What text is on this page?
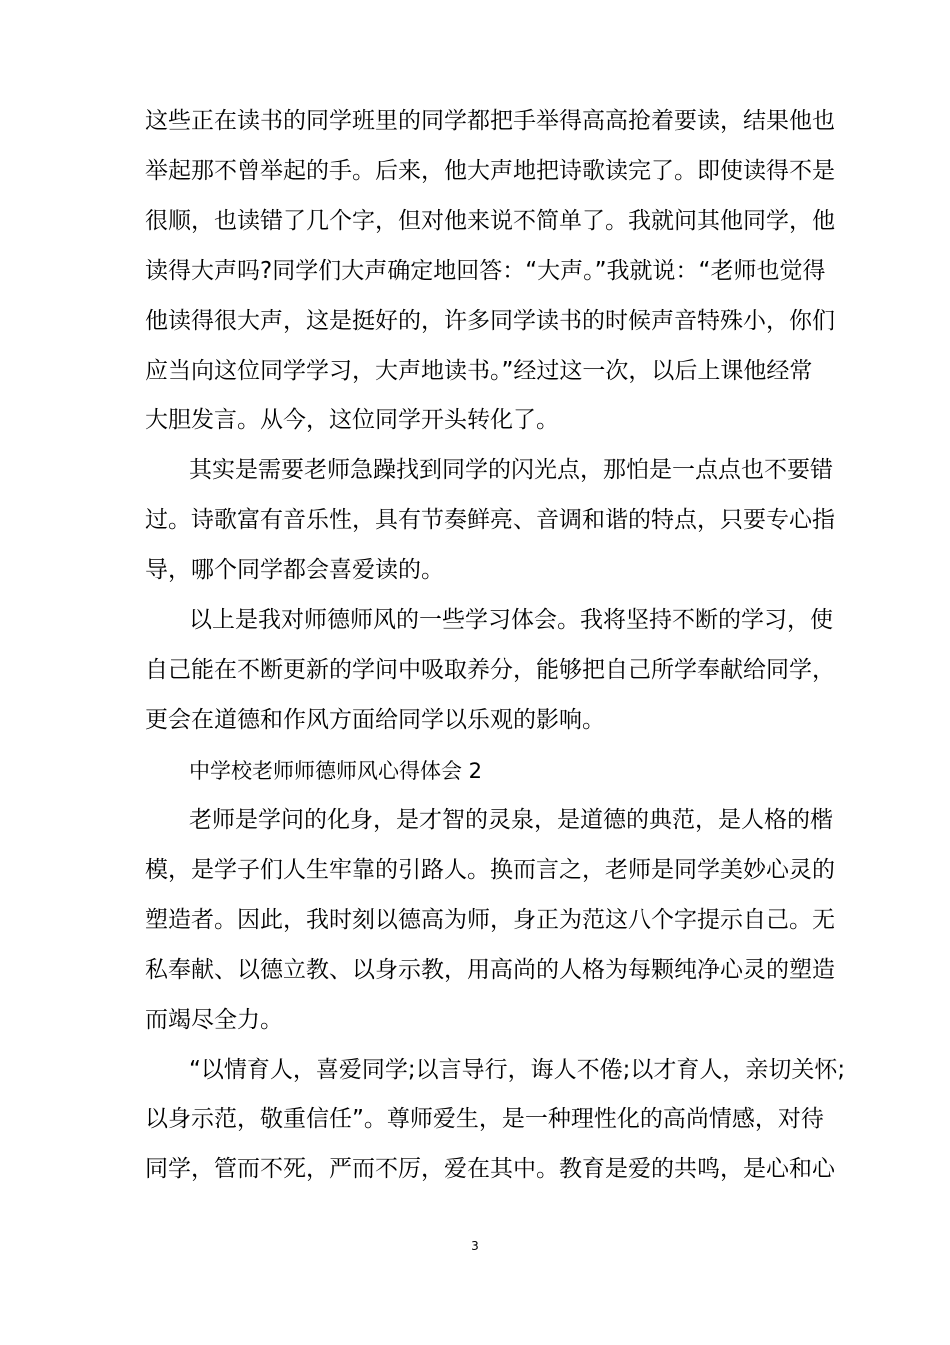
这些正在读书的同学班里的同学都把手举得高高抢着要读，结果他也
举起那不曾举起的手。后来，他大声地把诗歌读完了。即使读得不是
很顺，也读错了几个字，但对他来说不简单了。我就问其他同学，他
读得大声吗?同学们大声确定地回答：“大声。”我就说：“老师也觉得
他读得很大声，这是挺好的，许多同学读书的时候声音特殊小，你们
应当向这位同学学习，大声地读书。”经过这一次，以后上课他经常
大胆发言。从今，这位同学开头转化了。
其实是需要老师急躁找到同学的闪光点，那怕是一点点也不要错
过。诗歌富有音乐性，具有节奏鲜亮、音调和谐的特点，只要专心指
导，哪个同学都会喜爱读的。
以上是我对师德师风的一些学习体会。我将坚持不断的学习，使
自己能在不断更新的学问中吸取养分，能够把自己所学奉献给同学，
更会在道德和作风方面给同学以乐观的影响。
中学校老师师德师风心得体会 2
老师是学问的化身，是才智的灵泉，是道德的典范，是人格的楷
模，是学子们人生牢靠的引路人。换而言之，老师是同学美妙心灵的
塑造者。因此，我时刻以德高为师，身正为范这八个字提示自己。无
私奉献、以德立教、以身示教，用高尚的人格为每颗纯净心灵的塑造
而竭尽全力。
“以情育人，喜爱同学;以言导行，诲人不倦;以才育人，亲切关怀;
以身示范，敬重信任”。尊师爱生，是一种理性化的高尚情感，对待
同学，管而不死，严而不厉，爱在其中。教育是爱的共鸣，是心和心
3
